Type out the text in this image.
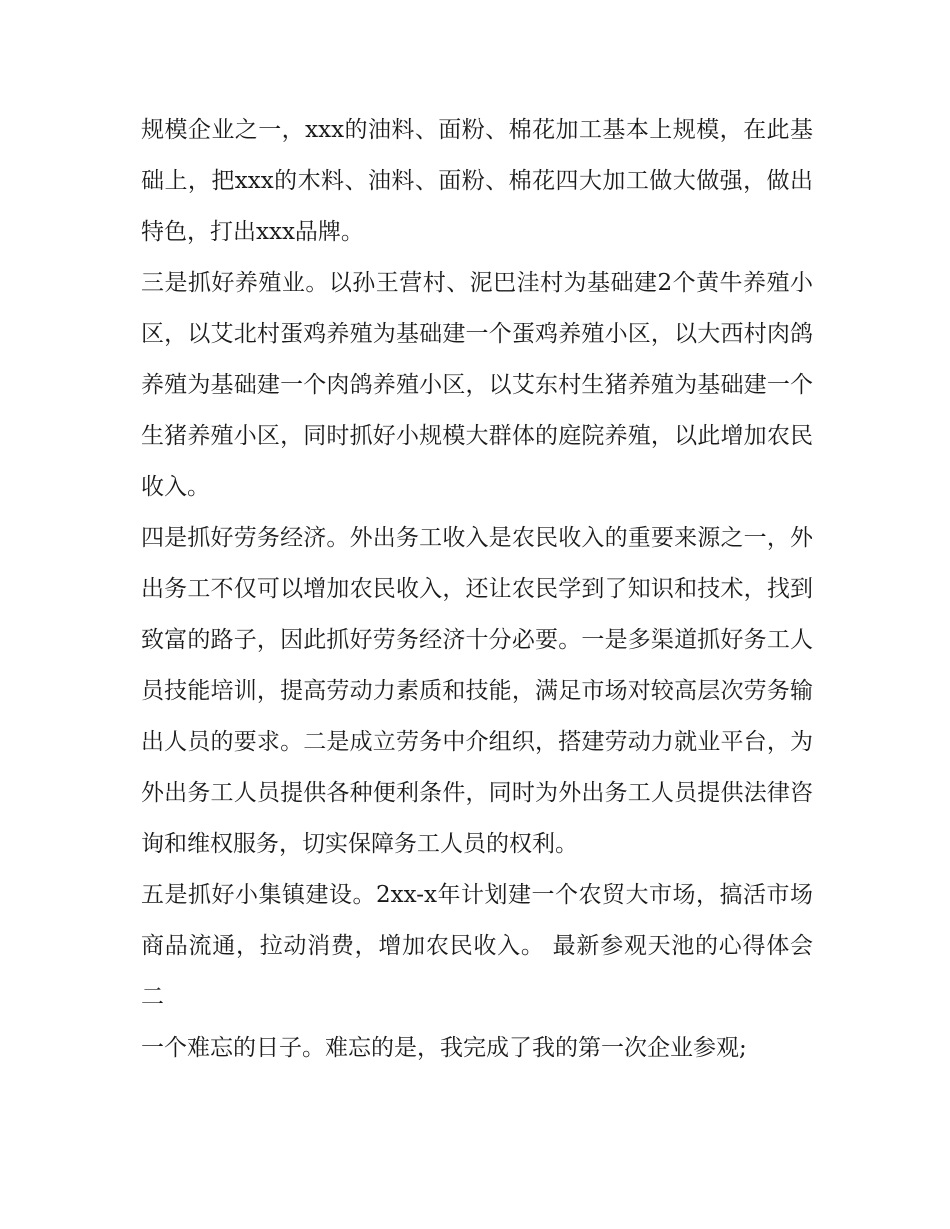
规模企业之一，xxx的油料、面粉、棉花加工基本上规模，在此基础上，把xxx的木料、油料、面粉、棉花四大加工做大做强，做出特色，打出xxx品牌。

三是抓好养殖业。以孙王营村、泥巴洼村为基础建2个黄牛养殖小区，以艾北村蛋鸡养殖为基础建一个蛋鸡养殖小区，以大西村肉鸽养殖为基础建一个肉鸽养殖小区，以艾东村生猪养殖为基础建一个生猪养殖小区，同时抓好小规模大群体的庭院养殖，以此增加农民收入。

四是抓好劳务经济。外出务工收入是农民收入的重要来源之一，外出务工不仅可以增加农民收入，还让农民学到了知识和技术，找到致富的路子，因此抓好劳务经济十分必要。一是多渠道抓好务工人员技能培训，提高劳动力素质和技能，满足市场对较高层次劳务输出人员的要求。二是成立劳务中介组织，搭建劳动力就业平台，为外出务工人员提供各种便利条件，同时为外出务工人员提供法律咨询和维权服务，切实保障务工人员的权利。

五是抓好小集镇建设。2xx-x年计划建一个农贸大市场，搞活市场商品流通，拉动消费，增加农民收入。 最新参观天池的心得体会二

一个难忘的日子。难忘的是，我完成了我的第一次企业参观;
